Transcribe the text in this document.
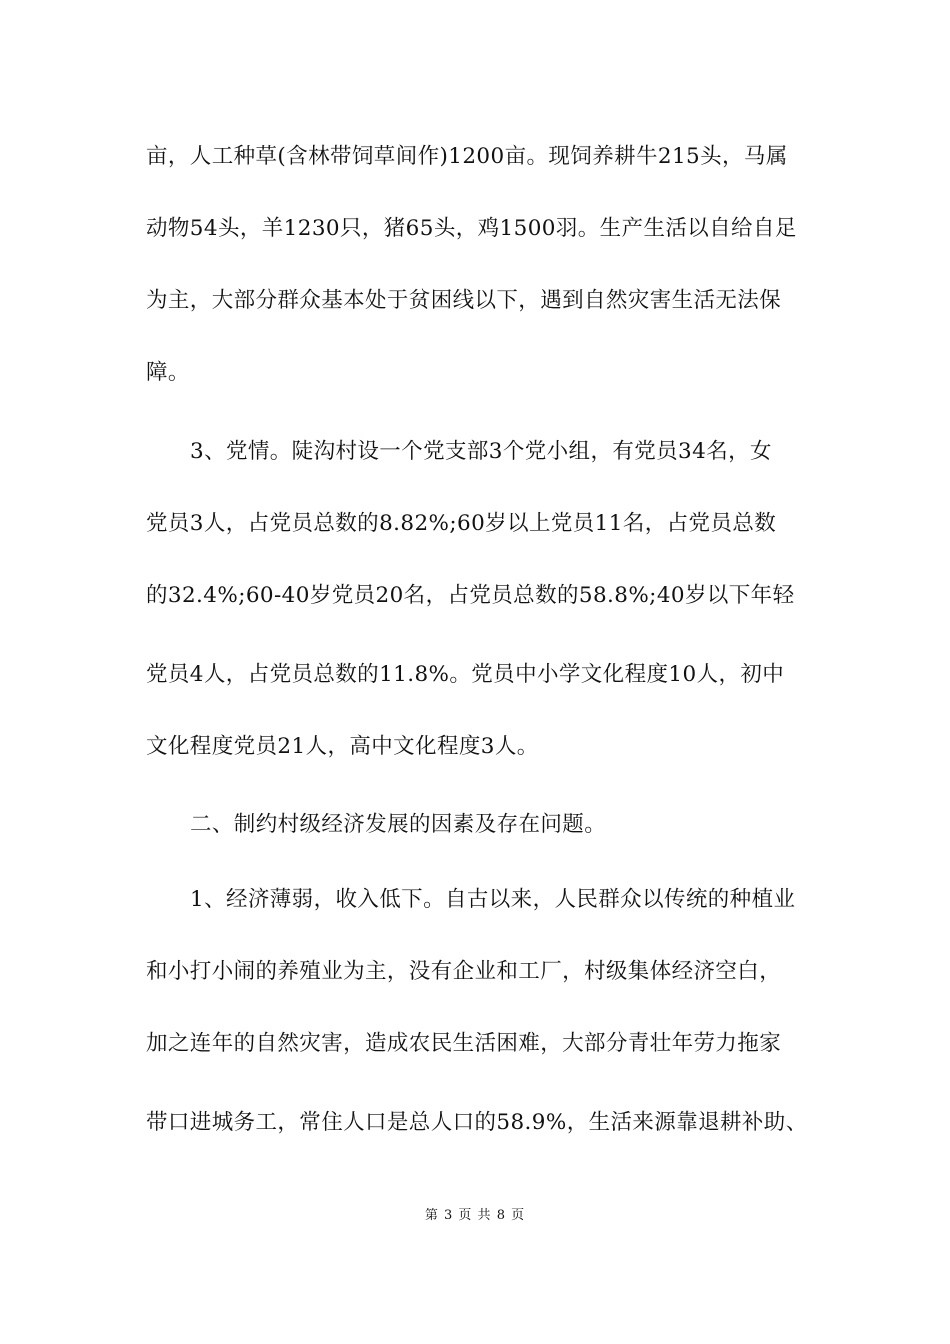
亩，人工种草(含林带饲草间作)1200亩。现饲养耕牛215头，马属
动物54头，羊1230只，猪65头，鸡1500羽。生产生活以自给自足
为主，大部分群众基本处于贫困线以下，遇到自然灾害生活无法保
障。
3、党情。陡沟村设一个党支部3个党小组，有党员34名，女
党员3人，占党员总数的8.82%;60岁以上党员11名，占党员总数
的32.4%;60-40岁党员20名，占党员总数的58.8%;40岁以下年轻
党员4人，占党员总数的11.8%。党员中小学文化程度10人，初中
文化程度党员21人，高中文化程度3人。
二、制约村级经济发展的因素及存在问题。
1、经济薄弱，收入低下。自古以来，人民群众以传统的种植业
和小打小闹的养殖业为主，没有企业和工厂，村级集体经济空白，
加之连年的自然灾害，造成农民生活困难，大部分青壮年劳力拖家
带口进城务工，常住人口是总人口的58.9%，生活来源靠退耕补助、
第 3 页 共 8 页
